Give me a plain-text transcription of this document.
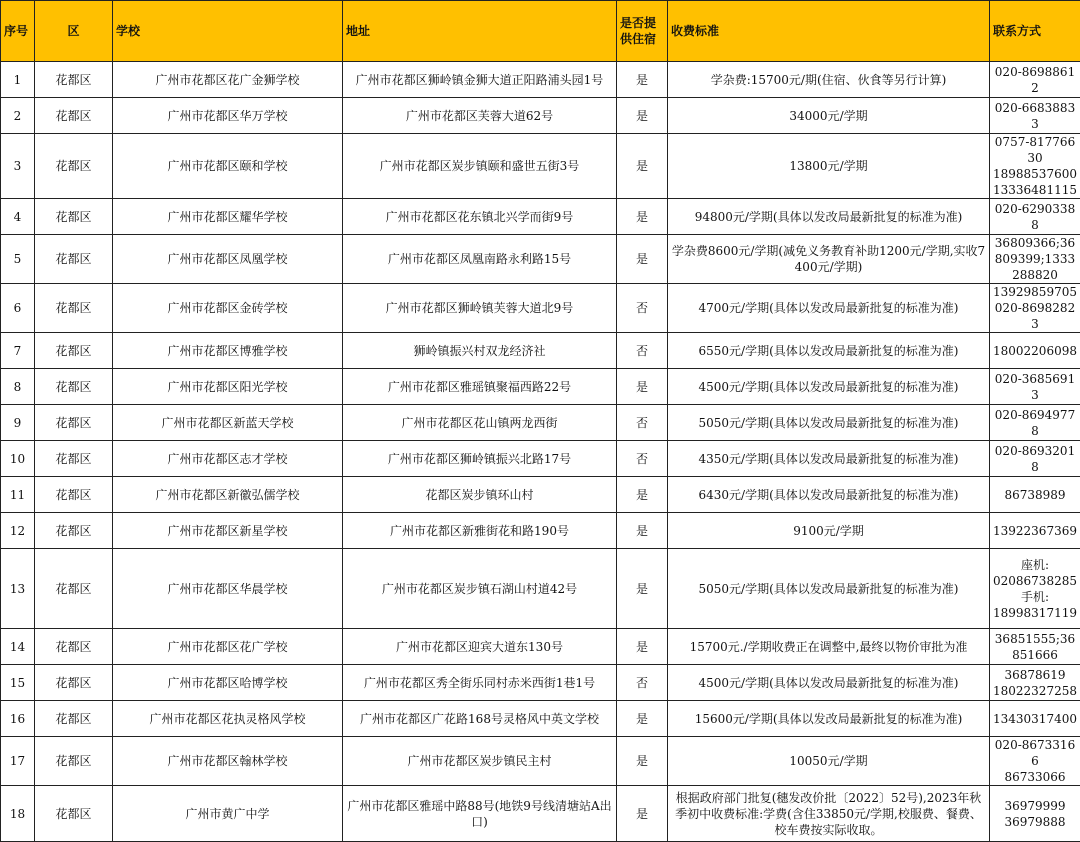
序号	区	学校	地址	是否提供住宿	收费标准	联系方式
1	花都区	广州市花都区花广金狮学校	广州市花都区狮岭镇金狮大道正阳路浦头园1号	是	学杂费:15700元/期(住宿、伙食等另行计算)	020-86988612

2	花都区	广州市花都区华万学校	广州市花都区芙蓉大道62号	是	34000元/学期	020-66838833

3	花都区	广州市花都区颐和学校	广州市花都区炭步镇颐和盛世五街3号	是	13800元/学期	0757-81776630
18988537600
13336481115

4	花都区	广州市花都区耀华学校	广州市花都区花东镇北兴学而街9号	是	94800元/学期(具体以发改局最新批复的标准为准)	020-62903388

5	花都区	广州市花都区凤凰学校	广州市花都区凤凰南路永利路15号	是	学杂费8600元/学期(减免义务教育补助1200元/学期,实收7400元/学期)	36809366;36809399;1333288820

6	花都区	广州市花都区金砖学校	广州市花都区狮岭镇芙蓉大道北9号	否	4700元/学期(具体以发改局最新批复的标准为准)	13929859705
020-86982823

7	花都区	广州市花都区博雅学校	狮岭镇振兴村双龙经济社	否	6550元/学期(具体以发改局最新批复的标准为准)	18002206098

8	花都区	广州市花都区阳光学校	广州市花都区雅瑶镇聚福西路22号	是	4500元/学期(具体以发改局最新批复的标准为准)	020-36856913

9	花都区	广州市花都区新蓝天学校	广州市花都区花山镇两龙西街	否	5050元/学期(具体以发改局最新批复的标准为准)	020-86949778

10	花都区	广州市花都区志才学校	广州市花都区狮岭镇振兴北路17号	否	4350元/学期(具体以发改局最新批复的标准为准)	020-86932018

11	花都区	广州市花都区新徽弘儒学校	花都区炭步镇环山村	是	6430元/学期(具体以发改局最新批复的标准为准)	86738989

12	花都区	广州市花都区新星学校	广州市花都区新雅街花和路190号	是	9100元/学期	13922367369

13	花都区	广州市花都区华晨学校	广州市花都区炭步镇石湖山村道42号	是	5050元/学期(具体以发改局最新批复的标准为准)	座机:
02086738285
手机:
18998317119

14	花都区	广州市花都区花广学校	广州市花都区迎宾大道东130号	是	15700元./学期收费正在调整中,最终以物价审批为准	36851555;36851666

15	花都区	广州市花都区哈博学校	广州市花都区秀全街乐同村赤米西街1巷1号	否	4500元/学期(具体以发改局最新批复的标准为准)	36878619
18022327258

16	花都区	广州市花都区花执灵格风学校	广州市花都区广花路168号灵格风中英文学校	是	15600元/学期(具体以发改局最新批复的标准为准)	13430317400

17	花都区	广州市花都区翰林学校	广州市花都区炭步镇民主村	是	10050元/学期	020-86733166
86733066

18	花都区	广州市黄广中学	广州市花都区雅瑶中路88号(地铁9号线清塘站A出口)	是	根据政府部门批复(穗发改价批〔2022〕52号),2023年秋季初中收费标准:学费(含住33850元/学期,校服费、餐费、校车费按实际收取。	36979999
36979888
